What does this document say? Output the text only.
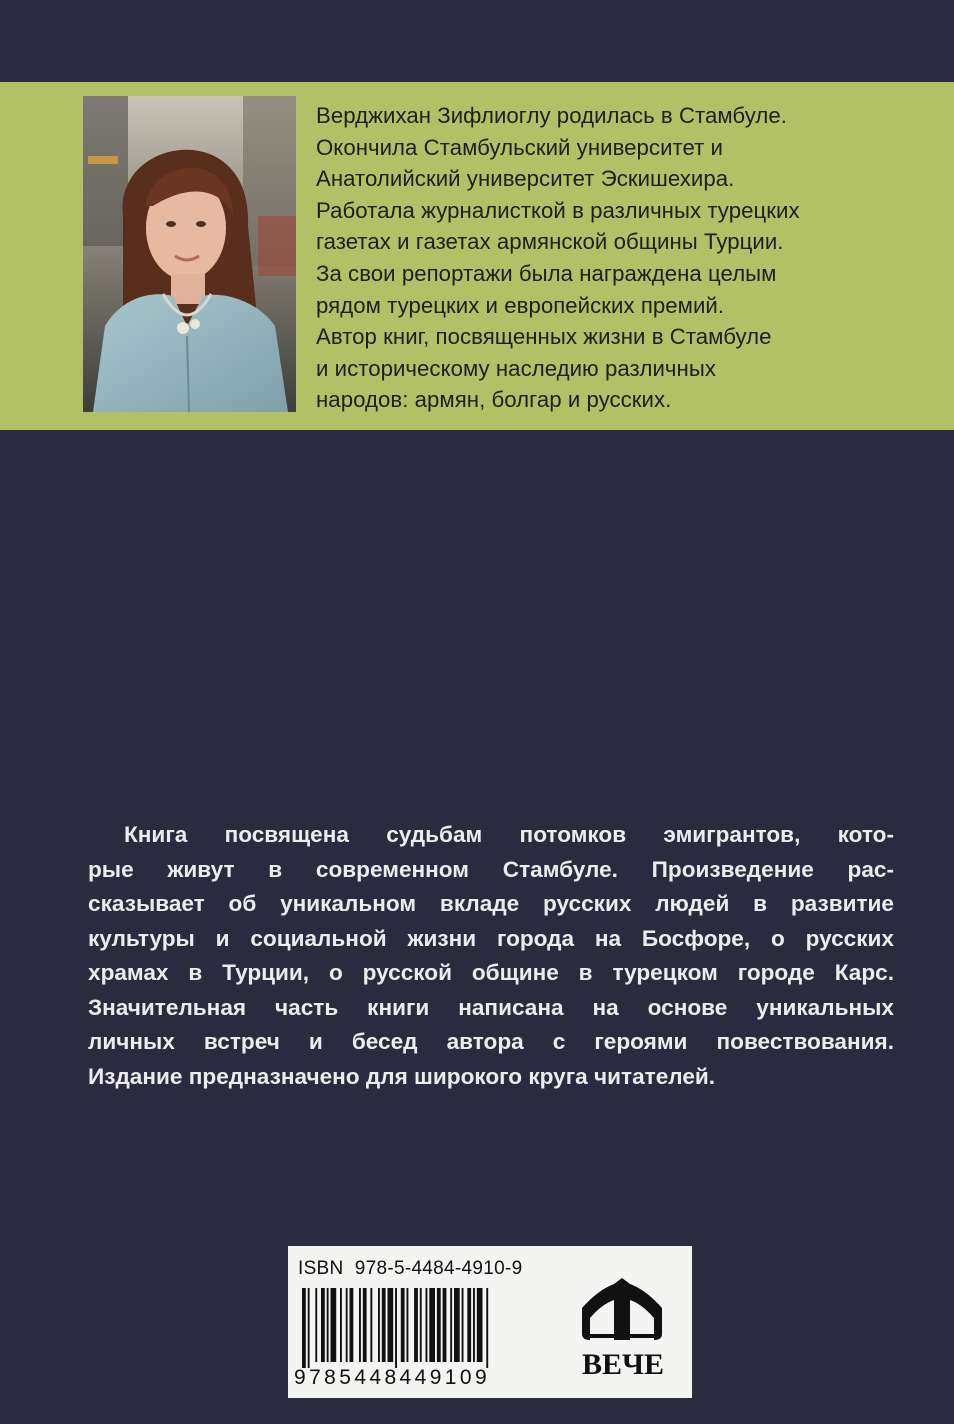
Верджихан Зифлиоглу родилась в Стамбуле.
Окончила Стамбульский университет и
Анатолийский университет Эскишехира.
Работала журналисткой в различных турецких
газетах и газетах армянской общины Турции.
За свои репортажи была награждена целым
рядом турецких и европейских премий.
Автор книг, посвященных жизни в Стамбуле
и историческому наследию различных
народов: армян, болгар и русских.
Книга посвящена судьбам потомков эмигрантов, кото-
рые живут в современном Стамбуле. Произведение рас-
сказывает об уникальном вкладе русских людей в развитие
культуры и социальной жизни города на Босфоре, о русских
храмах в Турции, о русской общине в турецком городе Карс.
Значительная часть книги написана на основе уникальных
личных встреч и бесед автора с героями повествования.
Издание предназначено для широкого круга читателей.
ISBN 978-5-4484-4910-9
9785448449109	ВЕЧЕ
